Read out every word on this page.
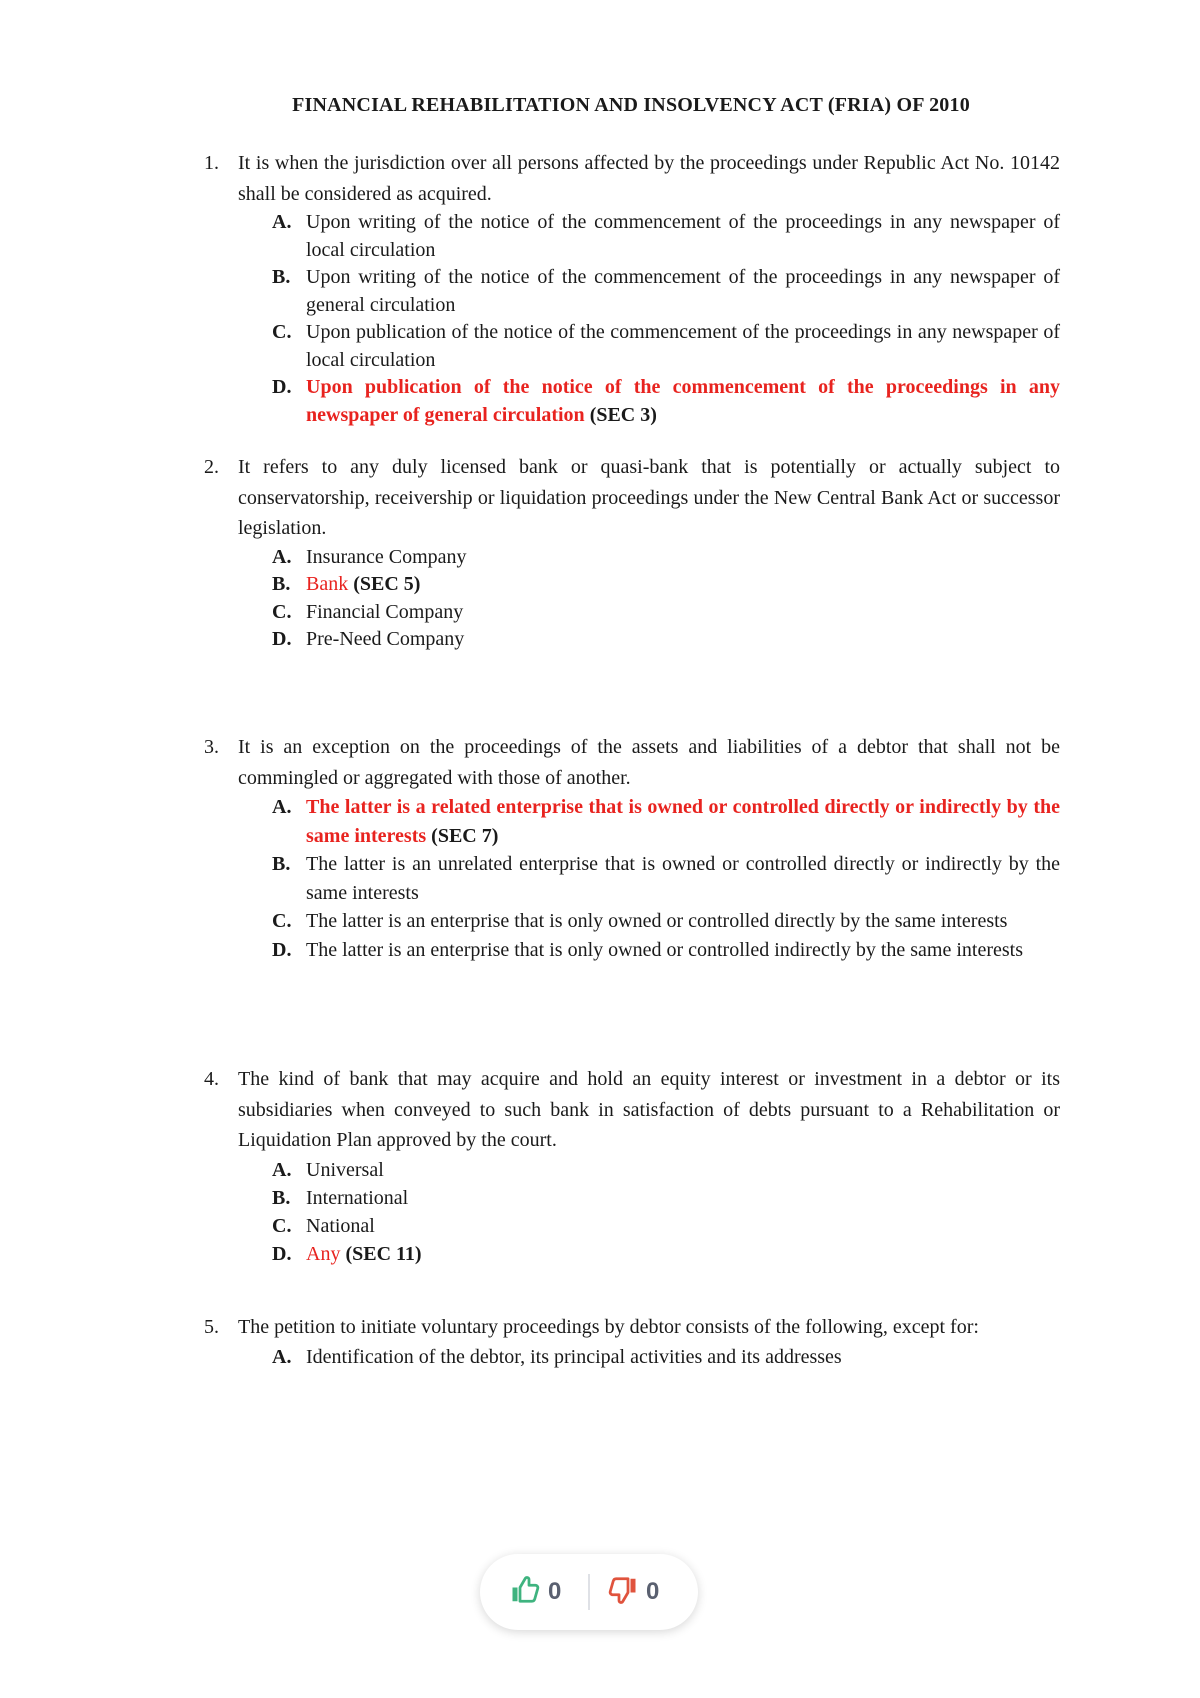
FINANCIAL REHABILITATION AND INSOLVENCY ACT (FRIA) OF 2010
1. It is when the jurisdiction over all persons affected by the proceedings under Republic Act No. 10142 shall be considered as acquired.
A. Upon writing of the notice of the commencement of the proceedings in any newspaper of local circulation
B. Upon writing of the notice of the commencement of the proceedings in any newspaper of general circulation
C. Upon publication of the notice of the commencement of the proceedings in any newspaper of local circulation
D. Upon publication of the notice of the commencement of the proceedings in any newspaper of general circulation (SEC 3)
2. It refers to any duly licensed bank or quasi-bank that is potentially or actually subject to conservatorship, receivership or liquidation proceedings under the New Central Bank Act or successor legislation.
A. Insurance Company
B. Bank (SEC 5)
C. Financial Company
D. Pre-Need Company
3. It is an exception on the proceedings of the assets and liabilities of a debtor that shall not be commingled or aggregated with those of another.
A. The latter is a related enterprise that is owned or controlled directly or indirectly by the same interests (SEC 7)
B. The latter is an unrelated enterprise that is owned or controlled directly or indirectly by the same interests
C. The latter is an enterprise that is only owned or controlled directly by the same interests
D. The latter is an enterprise that is only owned or controlled indirectly by the same interests
4. The kind of bank that may acquire and hold an equity interest or investment in a debtor or its subsidiaries when conveyed to such bank in satisfaction of debts pursuant to a Rehabilitation or Liquidation Plan approved by the court.
A. Universal
B. International
C. National
D. Any (SEC 11)
5. The petition to initiate voluntary proceedings by debtor consists of the following, except for:
A. Identification of the debtor, its principal activities and its addresses
0	0
